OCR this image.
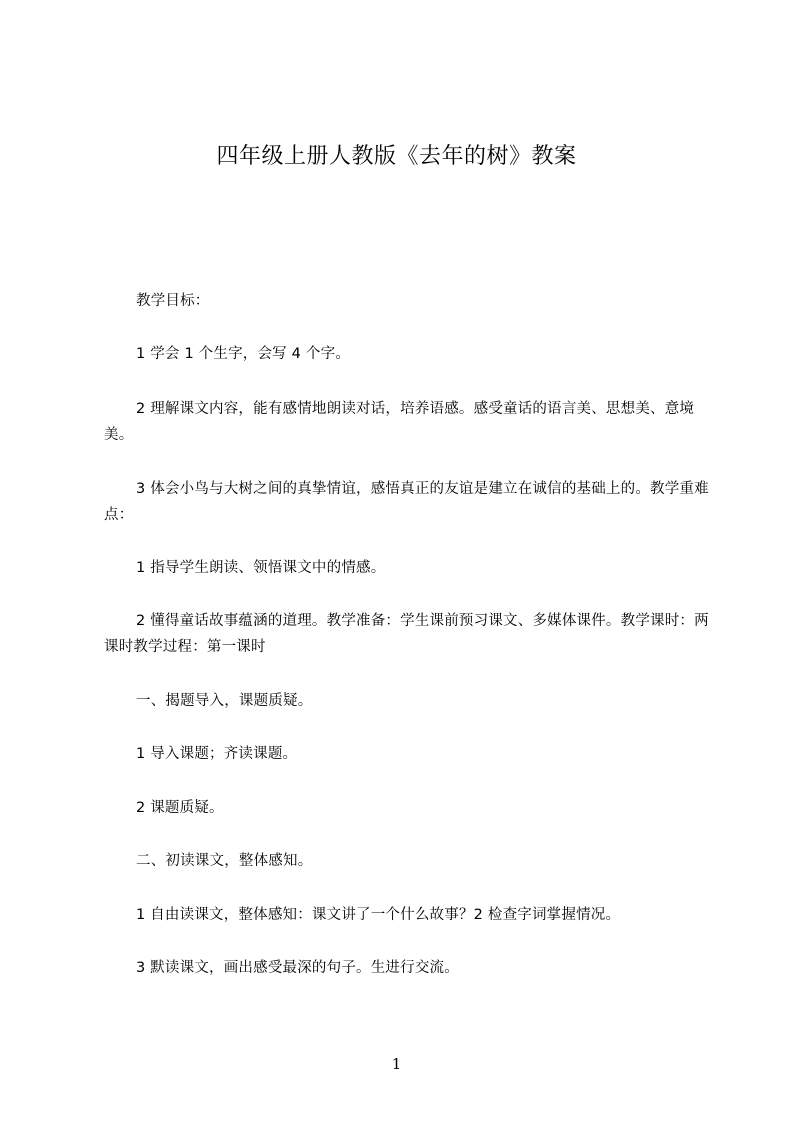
四年级上册人教版《去年的树》教案
教学目标：
1 学会 1 个生字，会写 4 个字。
2 理解课文内容，能有感情地朗读对话，培养语感。感受童话的语言美、思想美、意境美。
3 体会小鸟与大树之间的真挚情谊，感悟真正的友谊是建立在诚信的基础上的。教学重难点：
1 指导学生朗读、领悟课文中的情感。
2 懂得童话故事蕴涵的道理。教学准备：学生课前预习课文、多媒体课件。教学课时：两课时教学过程：第一课时
一、揭题导入，课题质疑。
1 导入课题；齐读课题。
2 课题质疑。
二、初读课文，整体感知。
1 自由读课文，整体感知：课文讲了一个什么故事？2 检查字词掌握情况。
3 默读课文，画出感受最深的句子。生进行交流。
1
